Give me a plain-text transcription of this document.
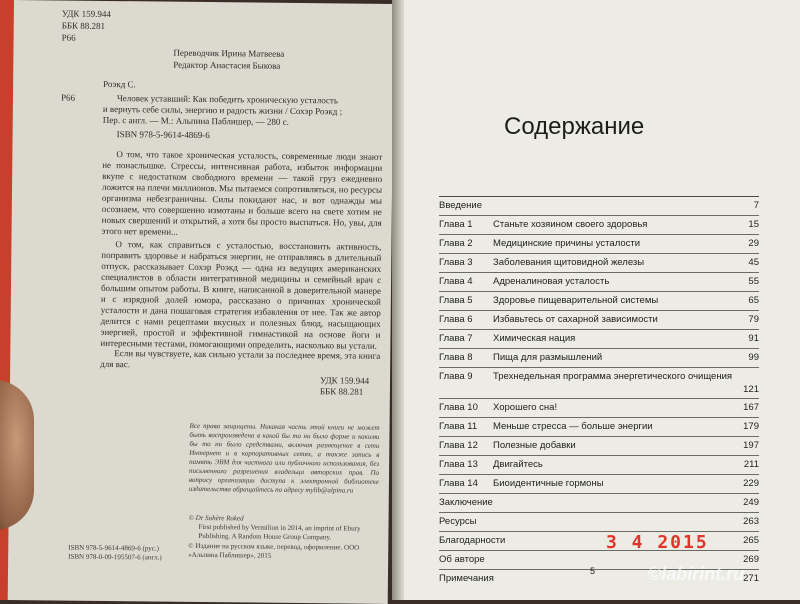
УДК 159.944
ББК 88.281
Р66
Переводчик Ирина Матвеева
Редактор Анастасия Быкова
Роэкд С.
Р66	Человек уставший: Как победить хроническую усталость
и вернуть себе силы, энергию и радость жизни / Сохэр Роэкд ;
Пер. с англ. — М.: Альпина Паблишер, — 280 с.
ISBN 978-5-9614-4869-6
О том, что такое хроническая усталость, современные люди знают не понаслышке. Стрессы, интенсивная работа, избыток информации вкупе с недостатком свободного времени — такой груз ежедневно ложится на плечи миллионов. Мы пытаемся сопротивляться, но ресурсы организма небезграничны. Силы покидают нас, и вот однажды мы осознаем, что совершенно измотаны и больше всего на свете хотим не новых свершений и открытий, а хотя бы просто выспаться. Но, увы, для этого нет времени...
О том, как справиться с усталостью, восстановить активность, поправить здоровье и набраться энергии, не отправляясь в длительный отпуск, рассказывает Сохэр Роэкд — одна из ведущих американских специалистов в области интегративной медицины и семейный врач с большим опытом работы. В книге, написанной в доверительной манере и с изрядной долей юмора, рассказано о причинах хронической усталости и дана пошаговая стратегия избавления от нее. Так же автор делится с нами рецептами вкусных и полезных блюд, насыщающих энергией, простой и эффективной гимнастикой на основе йоги и интересными тестами, помогающими определить, насколько вы устали.
Если вы чувствуете, как сильно устали за последнее время, эта книга для вас.
УДК 159.944
ББК 88.281
Все права защищены. Никакая часть этой книги не может быть воспроизведена в какой бы то ни было форме и какими бы то ни было средствами, включая размещение в сети Интернет и в корпоративных сетях, а также запись в память ЭВМ для частного или публичного использования, без письменного разрешения владельца авторских прав. По вопросу организации доступа к электронной библиотеке издательства обращайтесь по адресу mylib@alpina.ru
© Dr Sohère Roked
First published by Vermilion in 2014, an imprint of Ebury Publishing. A Random House Group Company.
ISBN 978-5-9614-4869-6 (рус.)
ISBN 978-0-09-195507-6 (англ.)
© Издание на русском языке, перевод, оформление. ООО «Альпина Паблишер», 2015
Содержание
Введение	7
Глава 1	Станьте хозяином своего здоровья	15
Глава 2	Медицинские причины усталости	29
Глава 3	Заболевания щитовидной железы	45
Глава 4	Адреналиновая усталость	55
Глава 5	Здоровье пищеварительной системы	65
Глава 6	Избавьтесь от сахарной зависимости	79
Глава 7	Химическая нация	91
Глава 8	Пища для размышлений	99
Глава 9	Трехнедельная программа энергетического очищения
121
Глава 10	Хорошего сна!	167
Глава 11	Меньше стресса — больше энергии	179
Глава 12	Полезные добавки	197
Глава 13	Двигайтесь	211
Глава 14	Биоидентичные гормоны	229
Заключение	249
Ресурсы	263
Благодарности	265
Об авторе	269
Примечания	271
5
3 4 2015
©labirint.ru
